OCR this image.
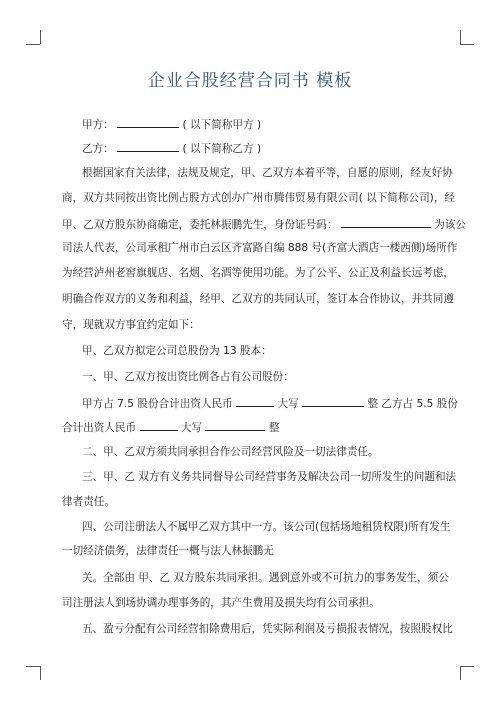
企业合股经营合同书 模板
甲方：	( 以下简称甲方 )
乙方：	( 以下简称乙方 )
根据国家有关法律，法规及规定，甲、乙双方本着平等，自愿的原则，经友好协
商，双方共同按出资比例占股方式创办广州市腾伟贸易有限公司( 以下简称公司)，经
甲、乙双方股东协商确定，委托林振鹏先生，身份证号码：	为该公
司法人代表，公司承租广州市白云区齐富路自编 888 号(齐富大酒店一楼西侧)场所作
为经营泸州老窖旗舰店、名烟、名酒等使用功能。为了公平、公正及利益长远考虑，
明确合作双方的义务和利益，经甲、乙双方的共同认可，签订本合作协议，并共同遵
守，现就双方事宜约定如下：
甲、乙双方拟定公司总股份为 13 股本：
一、甲、乙双方按出资比例各占有公司股份：
甲方占 7.5 股份合计出资人民币	大写	整 乙方占 5.5 股份
合计出资人民币	大写	整
二、甲、乙双方须共同承担合作公司经营风险及一切法律责任。
三、甲、乙 双方有义务共同督导公司经营事务及解决公司一切所发生的问题和法
律者责任。
四、公司注册法人不属甲乙双方其中一方。该公司(包括场地租赁权限)所有发生
一切经济债务，法律责任一概与法人林振鹏无
关。全部由 甲、乙 双方股东共同承担。遇到意外或不可抗力的事务发生，须公
司注册法人到场协调办理事务的，其产生费用及损失均有公司承担。
五、盈亏分配有公司经营扣除费用后，凭实际利润及亏损报表情况，按照股权比
